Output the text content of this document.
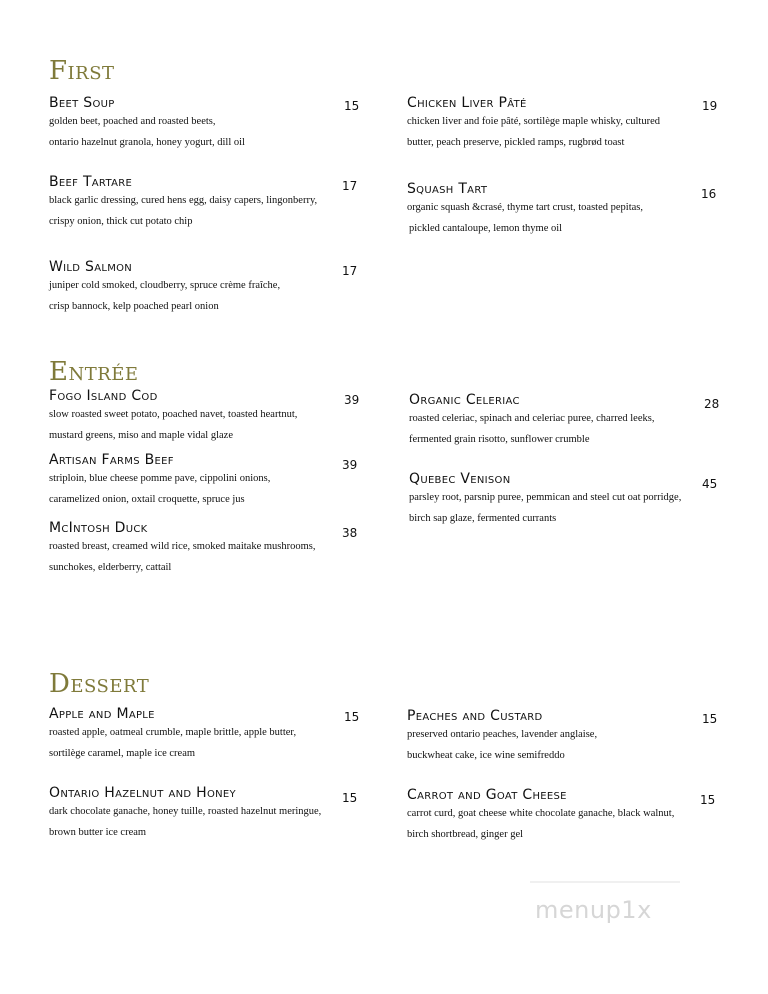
First
Beet Soup
golden beet, poached and roasted beets,
ontario hazelnut granola, honey yogurt, dill oil
15
Beef Tartare
black garlic dressing, cured hens egg, daisy capers, lingonberry,
crispy onion, thick cut potato chip
17
Wild Salmon
juniper cold smoked, cloudberry, spruce crème fraîche,
crisp bannock, kelp poached pearl onion
17
Chicken Liver Pâté
chicken liver and foie pâté, sortilège maple whisky, cultured
butter, peach preserve, pickled ramps, rugbrød toast
19
Squash Tart
organic squash &crasé, thyme tart crust, toasted pepitas,
pickled cantaloupe, lemon thyme oil
16
Entrée
Fogo Island Cod
slow roasted sweet potato, poached navet, toasted heartnut,
mustard greens, miso and maple vidal glaze
39
Artisan Farms Beef
striploin, blue cheese pomme pave, cippolini onions,
caramelized onion, oxtail croquette, spruce jus
39
McIntosh Duck
roasted breast, creamed wild rice, smoked maitake mushrooms,
sunchokes, elderberry, cattail
38
Organic Celeriac
roasted celeriac, spinach and celeriac puree, charred leeks,
fermented grain risotto, sunflower crumble
28
Quebec Venison
parsley root, parsnip puree, pemmican and steel cut oat porridge,
birch sap glaze, fermented currants
45
Dessert
Apple and Maple
roasted apple, oatmeal crumble, maple brittle, apple butter,
sortilège caramel, maple ice cream
15
Ontario Hazelnut and Honey
dark chocolate ganache, honey tuille, roasted hazelnut meringue,
brown butter ice cream
15
Peaches and Custard
preserved ontario peaches, lavender anglaise,
buckwheat cake, ice wine semifreddo
15
Carrot and Goat Cheese
carrot curd, goat cheese white chocolate ganache, black walnut,
birch shortbread, ginger gel
15
menup1x
